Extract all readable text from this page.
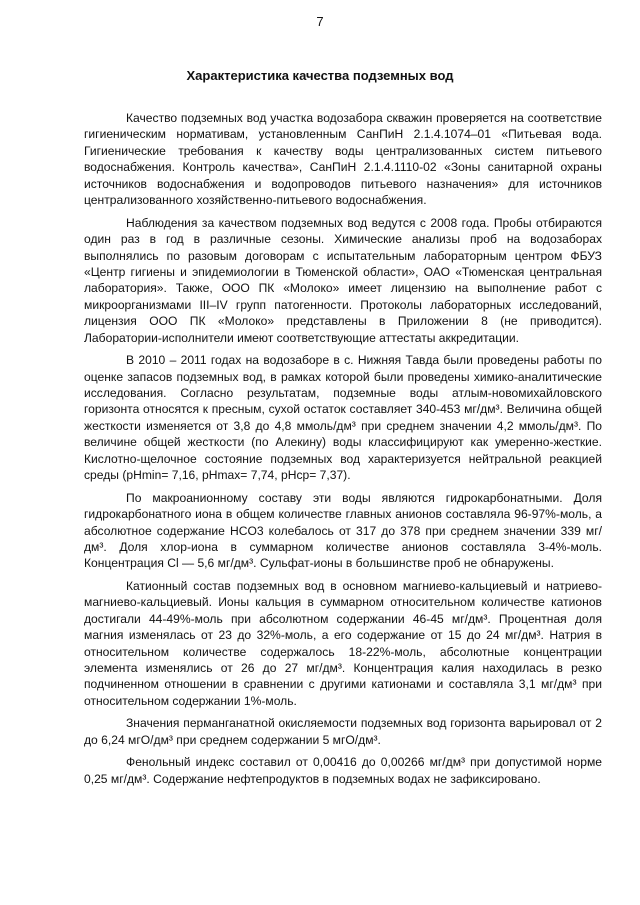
7
Характеристика качества подземных вод

Качество подземных вод участка водозабора скважин проверяется на соответствие гигиеническим нормативам, установленным СанПиН 2.1.4.1074–01 «Питьевая вода. Гигиенические требования к качеству воды централизованных систем питьевого водоснабжения. Контроль качества», СанПиН 2.1.4.1110-02 «Зоны санитарной охраны источников водоснабжения и водопроводов питьевого назначения» для источников централизованного хозяйственно-питьевого водоснабжения.

Наблюдения за качеством подземных вод ведутся с 2008 года. Пробы отбираются один раз в год в различные сезоны. Химические анализы проб на водозаборах выполнялись по разовым договорам с испытательным лабораторным центром ФБУЗ «Центр гигиены и эпидемиологии в Тюменской области», ОАО «Тюменская центральная лаборатория». Также, ООО ПК «Молоко» имеет лицензию на выполнение работ с микроорганизмами III–IV групп патогенности. Протоколы лабораторных исследований, лицензия ООО ПК «Молоко» представлены в Приложении 8 (не приводится). Лаборатории-исполнители имеют соответствующие аттестаты аккредитации.

В 2010 – 2011 годах на водозаборе в с. Нижняя Тавда были проведены работы по оценке запасов подземных вод, в рамках которой были проведены химико-аналитические исследования. Согласно результатам, подземные воды атлым-новомихайловского горизонта относятся к пресным, сухой остаток составляет 340-453 мг/дм³. Величина общей жесткости изменяется от 3,8 до 4,8 ммоль/дм³ при среднем значении 4,2 ммоль/дм³. По величине общей жесткости (по Алекину) воды классифицируют как умеренно-жесткие. Кислотно-щелочное состояние подземных вод характеризуется нейтральной реакцией среды (pHmin= 7,16, pHmax= 7,74, pHср= 7,37).

По макроанионному составу эти воды являются гидрокарбонатными. Доля гидрокарбонатного иона в общем количестве главных анионов составляла 96-97%-моль, а абсолютное содержание HCO3 колебалось от 317 до 378 при среднем значении 339 мг/дм³. Доля хлор-иона в суммарном количестве анионов составляла 3-4%-моль. Концентрация Cl — 5,6 мг/дм³. Сульфат-ионы в большинстве проб не обнаружены.

Катионный состав подземных вод в основном магниево-кальциевый и натриево-магниево-кальциевый. Ионы кальция в суммарном относительном количестве катионов достигали 44-49%-моль при абсолютном содержании 46-45 мг/дм³. Процентная доля магния изменялась от 23 до 32%-моль, а его содержание от 15 до 24 мг/дм³. Натрия в относительном количестве содержалось 18-22%-моль, абсолютные концентрации элемента изменялись от 26 до 27 мг/дм³. Концентрация калия находилась в резко подчиненном отношении в сравнении с другими катионами и составляла 3,1 мг/дм³ при относительном содержании 1%-моль.

Значения перманганатной окисляемости подземных вод горизонта варьировал от 2 до 6,24 мгО/дм³ при среднем содержании 5 мгО/дм³.

Фенольный индекс составил от 0,00416 до 0,00266 мг/дм³ при допустимой норме 0,25 мг/дм³. Содержание нефтепродуктов в подземных водах не зафиксировано.
